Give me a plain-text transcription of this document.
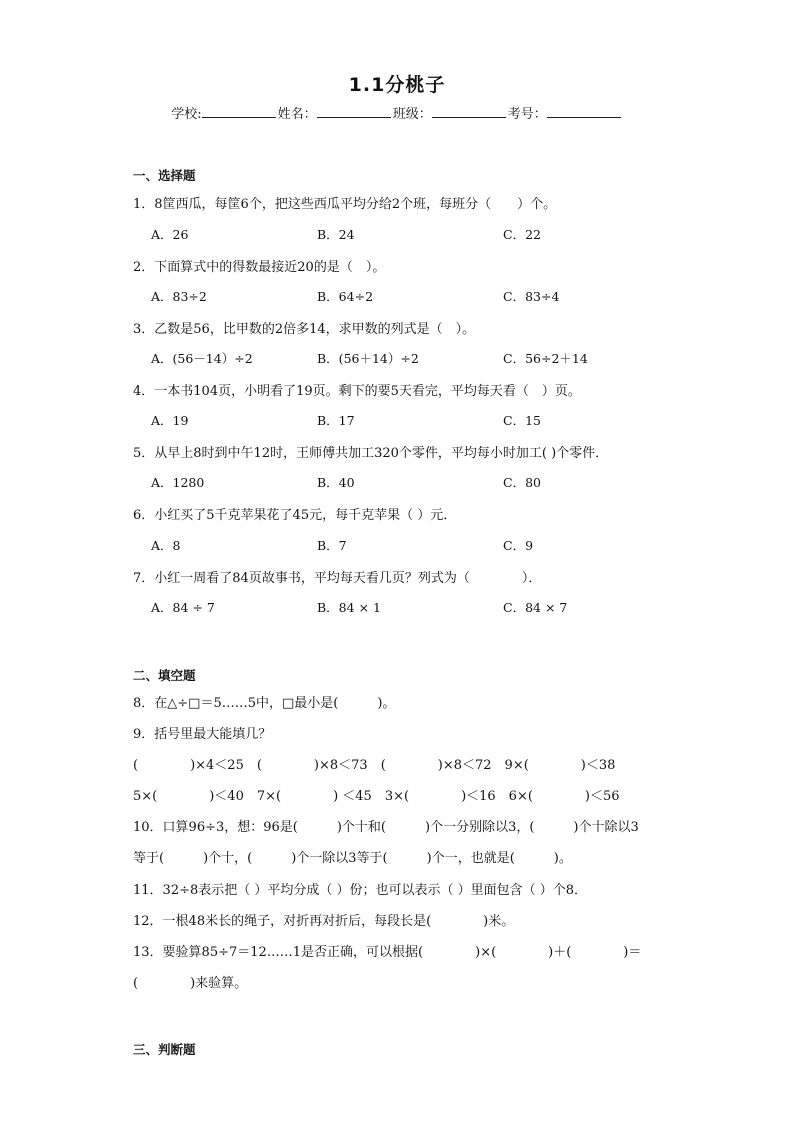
1.1分桃子
学校:	姓名：	班级：	考号：
一、选择题
1．8筐西瓜，每筐6个，把这些西瓜平均分给2个班，每班分（　　）个。
A．26	B．24	C．22
2．下面算式中的得数最接近20的是（　）。
A．83÷2	B．64÷2	C．83÷4
3．乙数是56，比甲数的2倍多14，求甲数的列式是（　）。
A．(56－14）÷2	B．(56＋14）÷2	C．56÷2＋14
4．一本书104页，小明看了19页。剩下的要5天看完，平均每天看（　）页。
A．19	B．17	C．15
5．从早上8时到中午12时，王师傅共加工320个零件，平均每小时加工( )个零件．
A．1280	B．40	C．80
6．小红买了5千克苹果花了45元，每千克苹果（ ）元．
A．8	B．7	C．9
7．小红一周看了84页故事书，平均每天看几页？列式为（　　　　）．
A．84 ÷ 7	B．84 × 1	C．84 × 7
二、填空题
8．在△÷□＝5……5中，□最小是(　　　)。
9．括号里最大能填几？
(　　　　)×4＜25　(　　　　)×8＜73　(　　　　)×8＜72　9×(　　　　)＜38
5×(　　　　)＜40　7×(　　　　) ＜45　3×(　　　　)＜16　6×(　　　　)＜56
10．口算96÷3，想：96是(　　　)个十和(　　　)个一分别除以3，(　　　)个十除以3
等于(　　　)个十，(　　　)个一除以3等于(　　　)个一，也就是(　　　)。
11．32÷8表示把（ ）平均分成（ ）份；也可以表示（ ）里面包含（ ）个8．
12．一根48米长的绳子，对折再对折后，每段长是(　　　　)米。
13．要验算85÷7＝12……1是否正确，可以根据(　　　　)×(　　　　)＋(　　　　)＝
(　　　　)来验算。
三、判断题
